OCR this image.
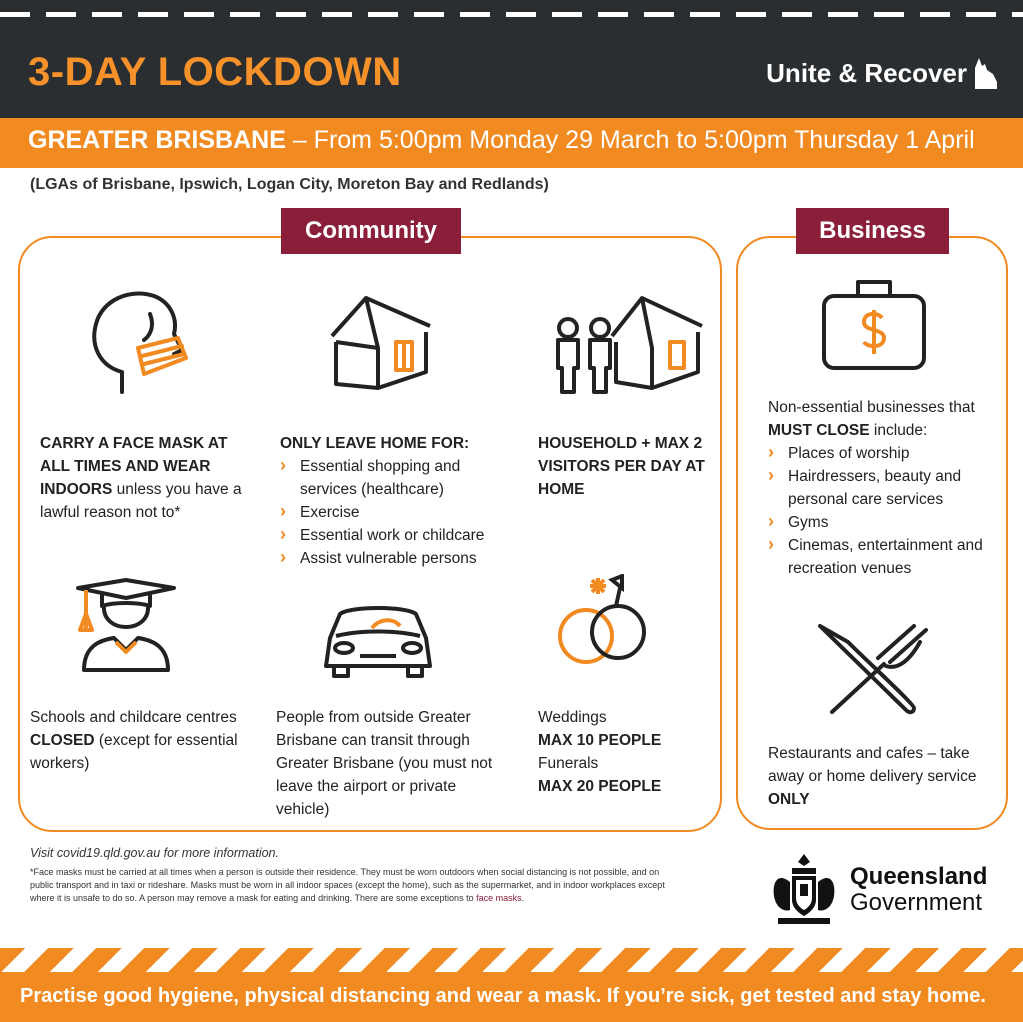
3-DAY LOCKDOWN	Unite & Recover
GREATER BRISBANE – From 5:00pm Monday 29 March to 5:00pm Thursday 1 April
(LGAs of Brisbane, Ipswich, Logan City, Moreton Bay and Redlands)
Community	Business
CARRY A FACE MASK AT ALL TIMES AND WEAR INDOORS unless you have a lawful reason not to*
ONLY LEAVE HOME FOR:
› Essential shopping and services (healthcare)
› Exercise
› Essential work or childcare
› Assist vulnerable persons
HOUSEHOLD + MAX 2 VISITORS PER DAY AT HOME
Schools and childcare centres CLOSED (except for essential workers)
People from outside Greater Brisbane can transit through Greater Brisbane (you must not leave the airport or private vehicle)
Weddings
MAX 10 PEOPLE
Funerals
MAX 20 PEOPLE
Non-essential businesses that MUST CLOSE include:
› Places of worship
› Hairdressers, beauty and personal care services
› Gyms
› Cinemas, entertainment and recreation venues
Restaurants and cafes – take away or home delivery service ONLY
Visit covid19.qld.gov.au for more information.
*Face masks must be carried at all times when a person is outside their residence. They must be worn outdoors when social distancing is not possible, and on public transport and in taxi or rideshare. Masks must be worn in all indoor spaces (except the home), such as the supermarket, and in indoor workplaces except where it is unsafe to do so. A person may remove a mask for eating and drinking. There are some exceptions to face masks.
Queensland
Government
Practise good hygiene, physical distancing and wear a mask. If you’re sick, get tested and stay home.
